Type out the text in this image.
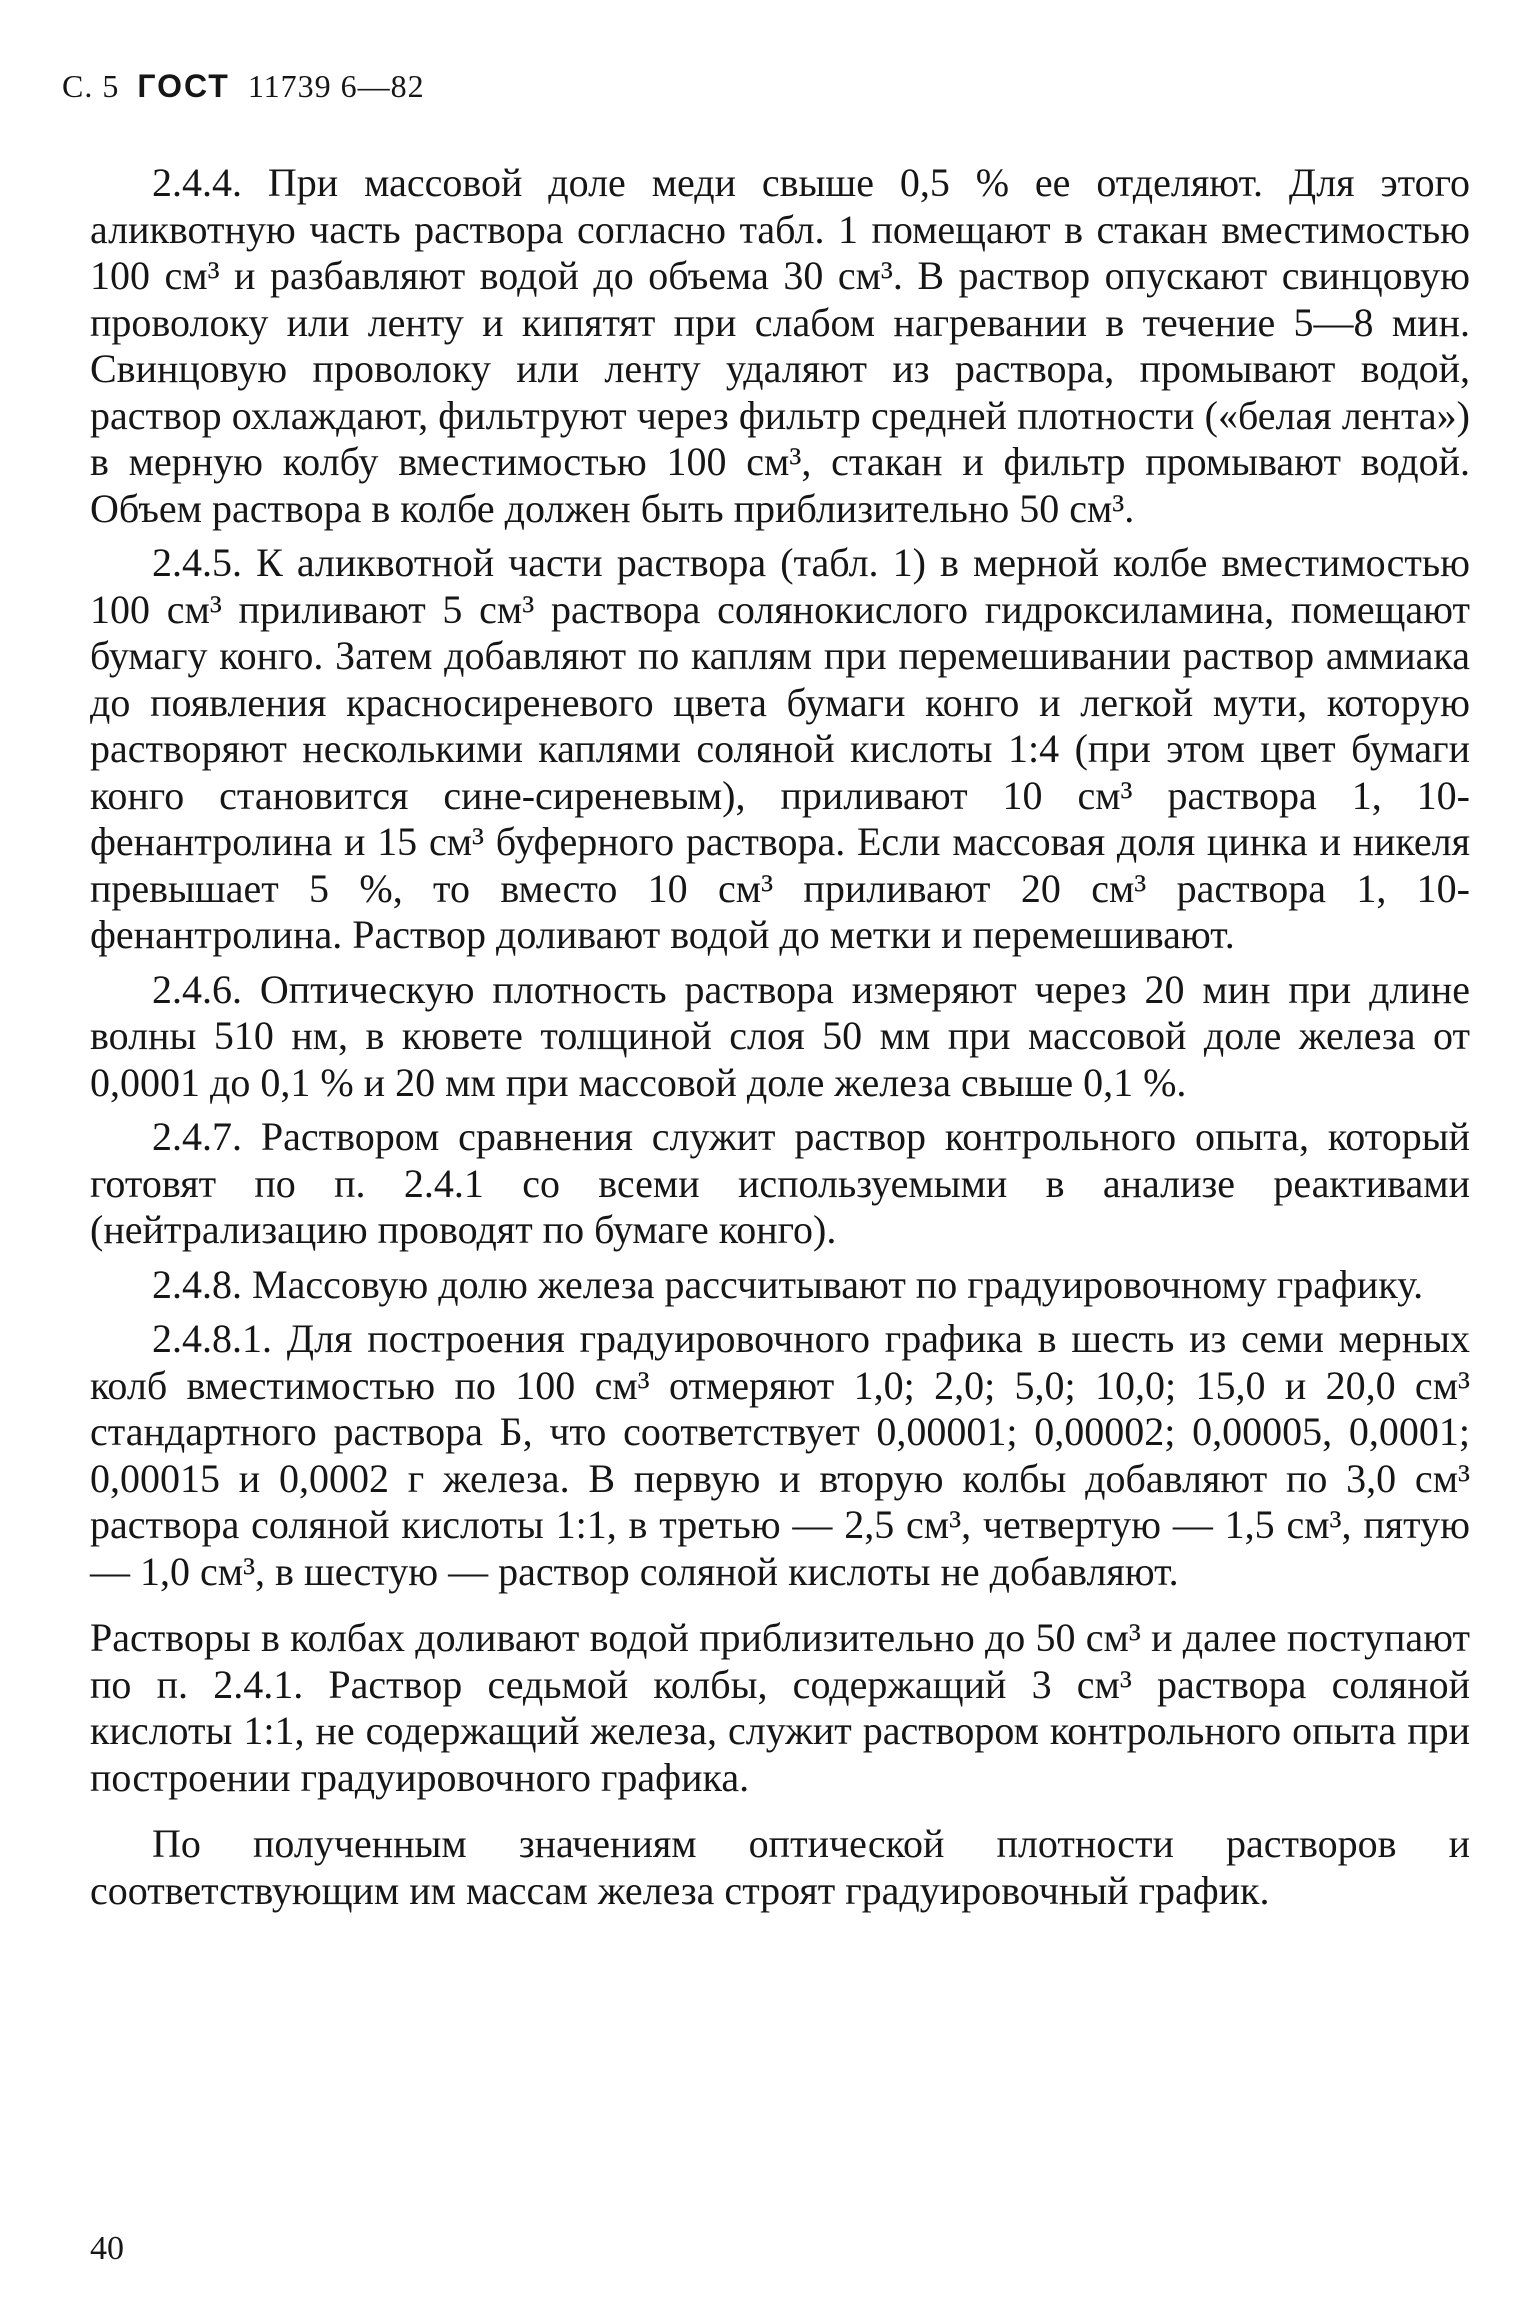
С. 5 ГОСТ 11739 6—82

2.4.4. При массовой доле меди свыше 0,5 % ее отделяют. Для этого аликвотную часть раствора согласно табл. 1 помещают в стакан вместимостью 100 см³ и разбавляют водой до объема 30 см³. В раствор опускают свинцовую проволоку или ленту и кипятят при слабом нагревании в течение 5—8 мин. Свинцовую проволоку или ленту удаляют из раствора, промывают водой, раствор охлаждают, фильтруют через фильтр средней плотности («белая лента») в мерную колбу вместимостью 100 см³, стакан и фильтр промывают водой. Объем раствора в колбе должен быть приблизительно 50 см³.

2.4.5. К аликвотной части раствора (табл. 1) в мерной колбе вместимостью 100 см³ приливают 5 см³ раствора солянокислого гидроксиламина, помещают бумагу конго. Затем добавляют по каплям при перемешивании раствор аммиака до появления красносиреневого цвета бумаги конго и легкой мути, которую растворяют несколькими каплями соляной кислоты 1:4 (при этом цвет бумаги конго становится сине-сиреневым), приливают 10 см³ раствора 1, 10-фенантролина и 15 см³ буферного раствора. Если массовая доля цинка и никеля превышает 5 %, то вместо 10 см³ приливают 20 см³ раствора 1, 10-фенантролина. Раствор доливают водой до метки и перемешивают.

2.4.6. Оптическую плотность раствора измеряют через 20 мин при длине волны 510 нм, в кювете толщиной слоя 50 мм при массовой доле железа от 0,0001 до 0,1 % и 20 мм при массовой доле железа свыше 0,1 %.

2.4.7. Раствором сравнения служит раствор контрольного опыта, который готовят по п. 2.4.1 со всеми используемыми в анализе реактивами (нейтрализацию проводят по бумаге конго).

2.4.8. Массовую долю железа рассчитывают по градуировочному графику.

2.4.8.1. Для построения градуировочного графика в шесть из семи мерных колб вместимостью по 100 см³ отмеряют 1,0; 2,0; 5,0; 10,0; 15,0 и 20,0 см³ стандартного раствора Б, что соответствует 0,00001; 0,00002; 0,00005, 0,0001; 0,00015 и 0,0002 г железа. В первую и вторую колбы добавляют по 3,0 см³ раствора соляной кислоты 1:1, в третью — 2,5 см³, четвертую — 1,5 см³, пятую — 1,0 см³, в шестую — раствор соляной кислоты не добавляют.

Растворы в колбах доливают водой приблизительно до 50 см³ и далее поступают по п. 2.4.1. Раствор седьмой колбы, содержащий 3 см³ раствора соляной кислоты 1:1, не содержащий железа, служит раствором контрольного опыта при построении градуировочного графика.

По полученным значениям оптической плотности растворов и соответствующим им массам железа строят градуировочный график.

40
